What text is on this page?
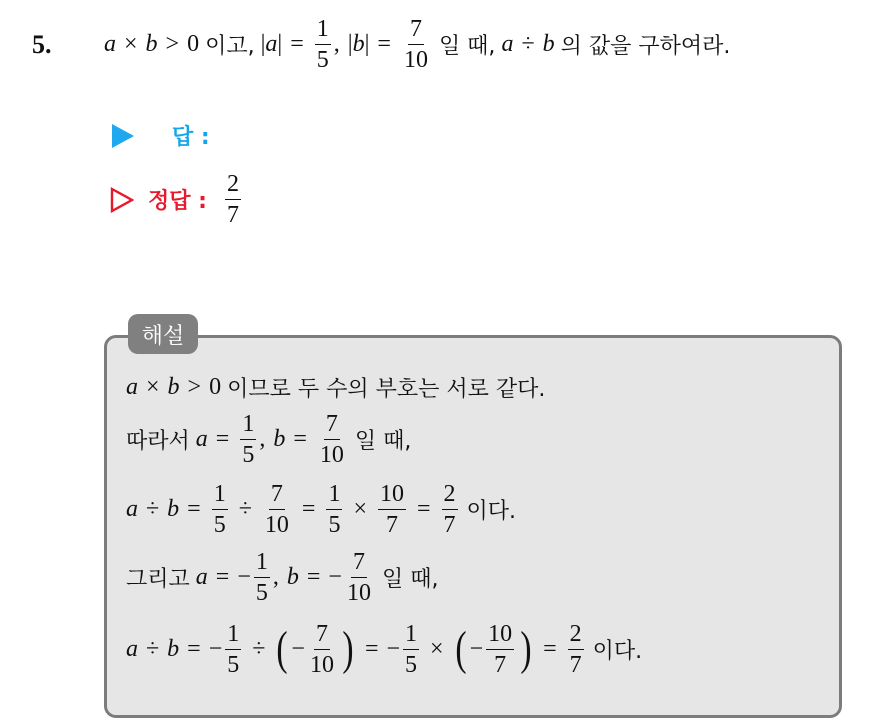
5. a × b > 0 이고, $|a| = \frac{1}{5}$ , $|b| = \frac{7}{10}$ 일 때, a ÷ b 의 값을 구하여라.
답 :
정답 : $\frac{2}{7}$
해설
a × b > 0 이므로 두 수의 부호는 서로 같다.
따라서 $a = \frac{1}{5}$ , $b = \frac{7}{10}$ 일 때,
$a \div b = \frac{1}{5} \div \frac{7}{10} = \frac{1}{5} \times \frac{10}{7} = \frac{2}{7}$ 이다.
그리고 a = − $\frac{1}{5}$ , b = − $\frac{7}{10}$ 일 때,
a ÷ b = − $\frac{1}{5}$ ÷ ( − $\frac{7}{10}$ ) = − $\frac{1}{5}$ × ( − $\frac{10}{7}$ ) = $\frac{2}{7}$ 이다.
